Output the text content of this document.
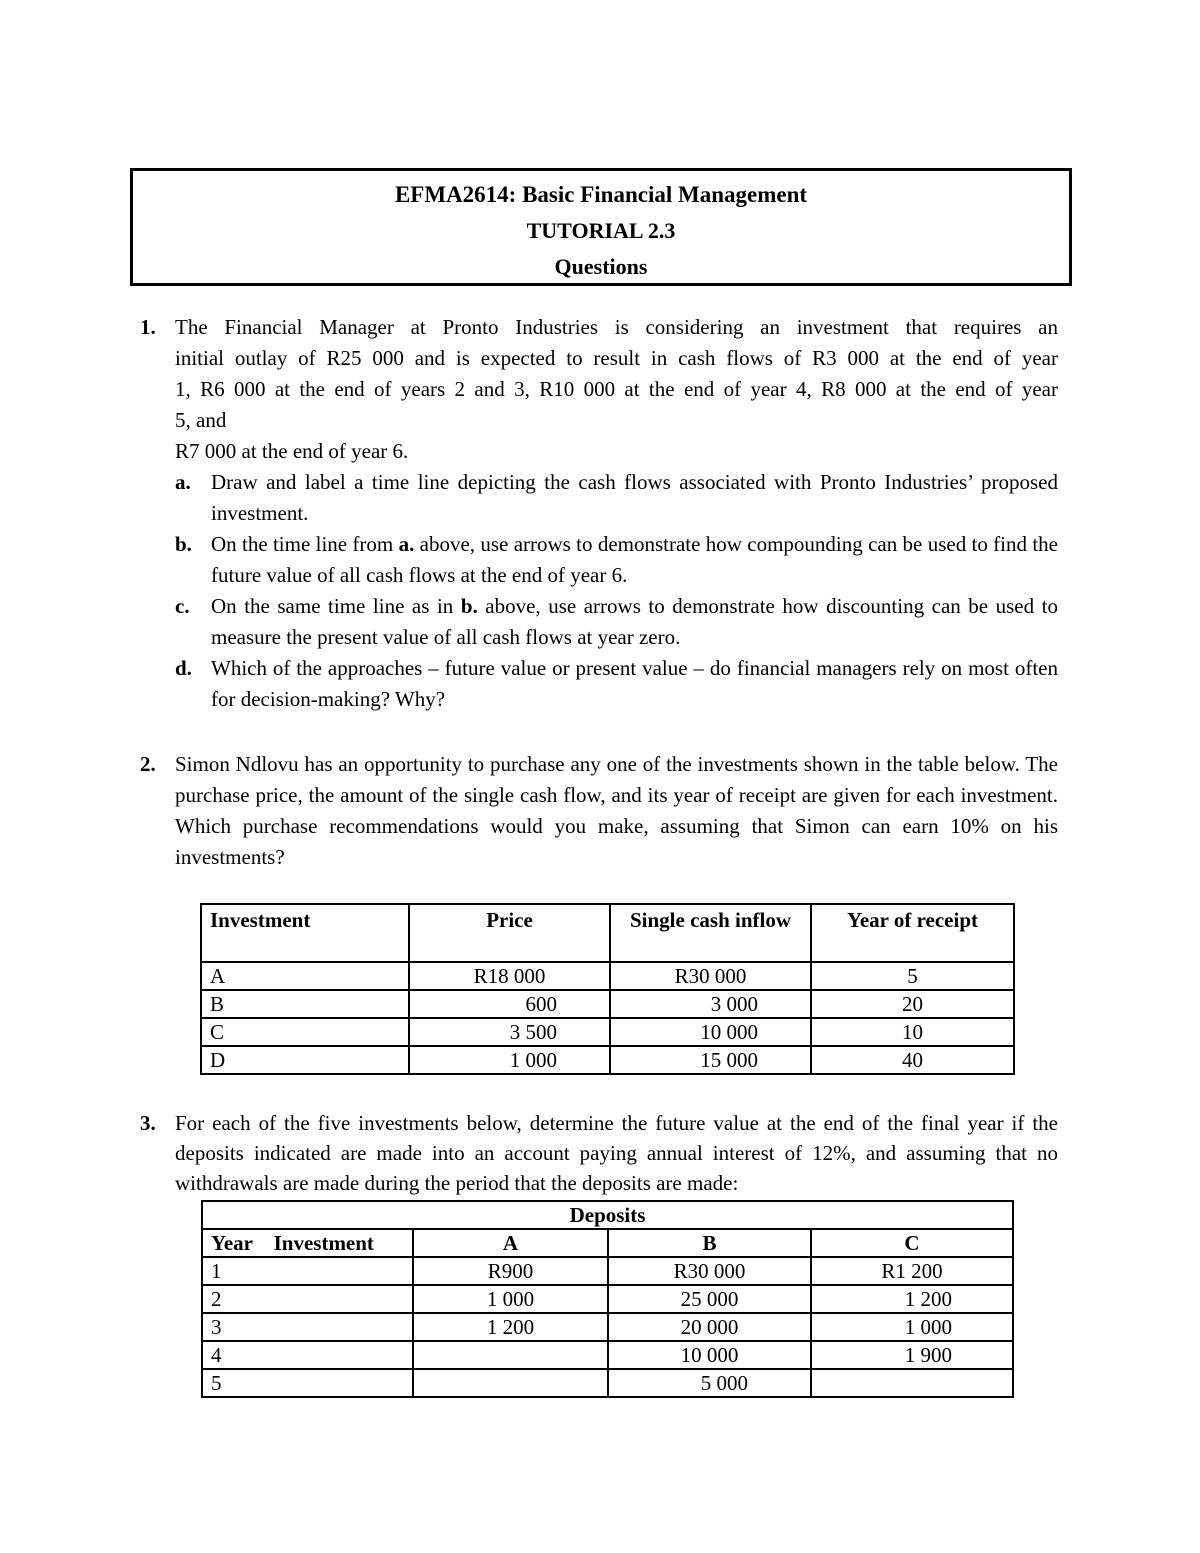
EFMA2614: Basic Financial Management
TUTORIAL 2.3
Questions
1. The Financial Manager at Pronto Industries is considering an investment that requires an
initial outlay of R25 000 and is expected to result in cash flows of R3 000 at the end of year
1, R6 000 at the end of years 2 and 3, R10 000 at the end of year 4, R8 000 at the end of year
5, and
R7 000 at the end of year 6.
a. Draw and label a time line depicting the cash flows associated with Pronto Industries’ proposed investment.
b. On the time line from a. above, use arrows to demonstrate how compounding can be used to find the future value of all cash flows at the end of year 6.
c. On the same time line as in b. above, use arrows to demonstrate how discounting can be used to measure the present value of all cash flows at year zero.
d. Which of the approaches – future value or present value – do financial managers rely on most often for decision-making? Why?
2. Simon Ndlovu has an opportunity to purchase any one of the investments shown in the table below. The purchase price, the amount of the single cash flow, and its year of receipt are given for each investment. Which purchase recommendations would you make, assuming that Simon can earn 10% on his investments?
Investment	Price	Single cash inflow	Year of receipt
A	R18 000	R30 000	5
B	600	3 000	20
C	3 500	10 000	10
D	1 000	15 000	40
3. For each of the five investments below, determine the future value at the end of the final year if the deposits indicated are made into an account paying annual interest of 12%, and assuming that no withdrawals are made during the period that the deposits are made:
Deposits			
Year    Investment	A	B	C
1	R900	R30 000	R1 200
2	1 000	25 000	1 200
3	1 200	20 000	1 000
4		10 000	1 900
5		5 000	
